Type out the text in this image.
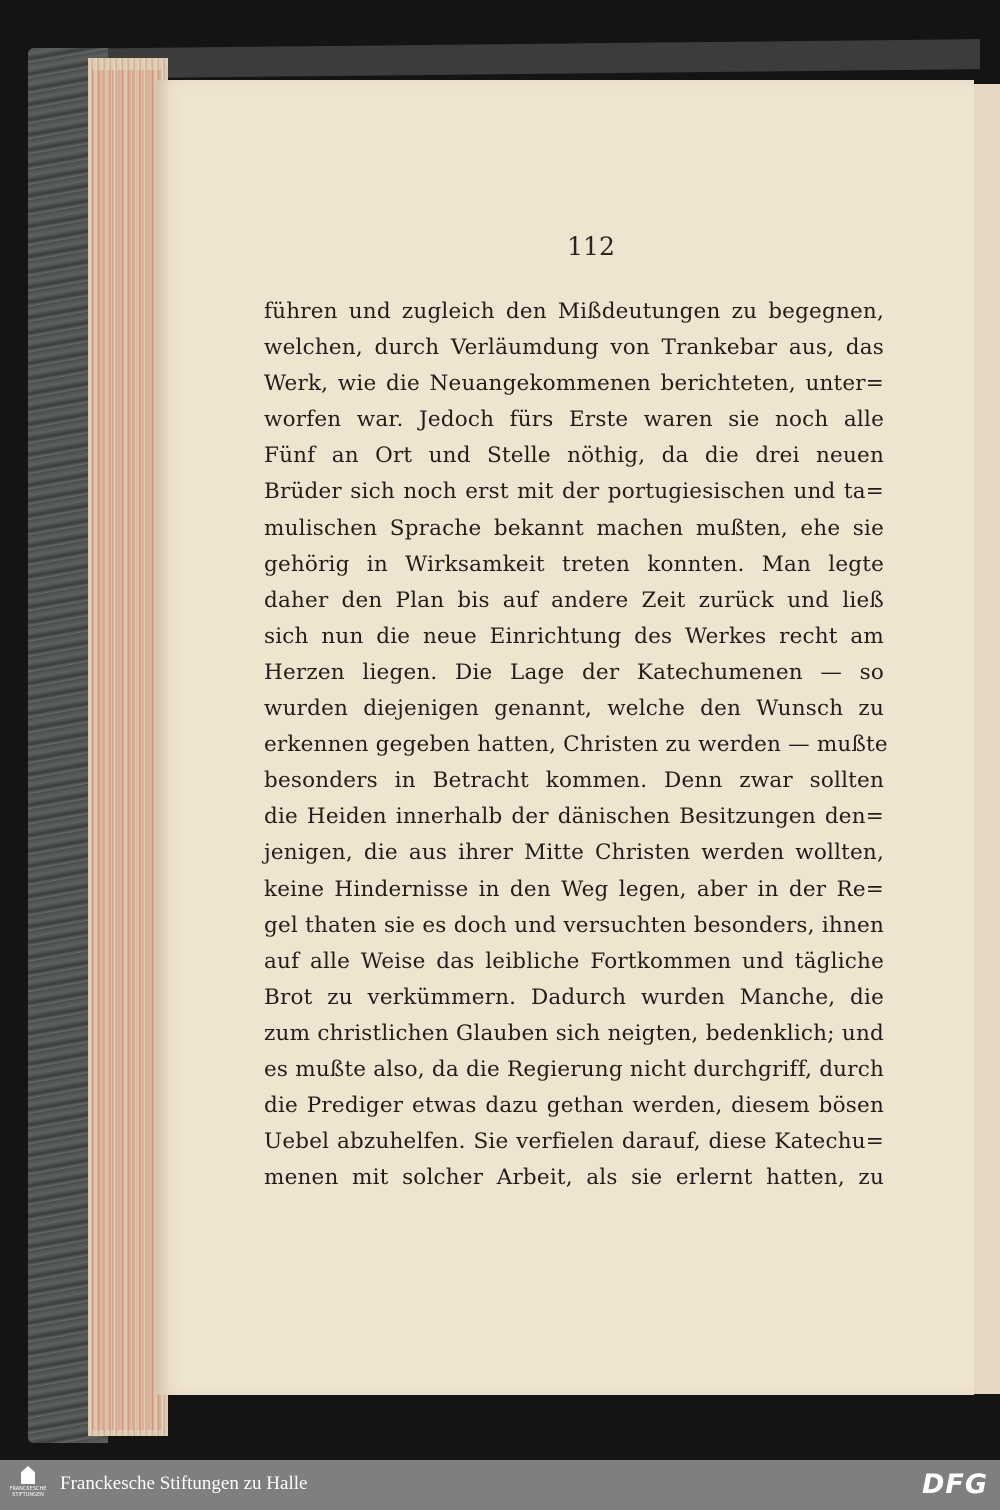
112
führen und zugleich den Mißdeutungen zu begegnen,
welchen, durch Verläumdung von Trankebar aus, das
Werk, wie die Neuangekommenen berichteten, unter=
worfen war. Jedoch fürs Erste waren sie noch alle
Fünf an Ort und Stelle nöthig, da die drei neuen
Brüder sich noch erst mit der portugiesischen und ta=
mulischen Sprache bekannt machen mußten, ehe sie
gehörig in Wirksamkeit treten konnten. Man legte
daher den Plan bis auf andere Zeit zurück und ließ
sich nun die neue Einrichtung des Werkes recht am
Herzen liegen. Die Lage der Katechumenen — so
wurden diejenigen genannt, welche den Wunsch zu
erkennen gegeben hatten, Christen zu werden — mußte
besonders in Betracht kommen. Denn zwar sollten
die Heiden innerhalb der dänischen Besitzungen den=
jenigen, die aus ihrer Mitte Christen werden wollten,
keine Hindernisse in den Weg legen, aber in der Re=
gel thaten sie es doch und versuchten besonders, ihnen
auf alle Weise das leibliche Fortkommen und tägliche
Brot zu verkümmern. Dadurch wurden Manche, die
zum christlichen Glauben sich neigten, bedenklich; und
es mußte also, da die Regierung nicht durchgriff, durch
die Prediger etwas dazu gethan werden, diesem bösen
Uebel abzuhelfen. Sie verfielen darauf, diese Katechu=
menen mit solcher Arbeit, als sie erlernt hatten, zu
FRANCKESCHE STIFTUNGEN
Franckesche Stiftungen zu Halle	DFG
